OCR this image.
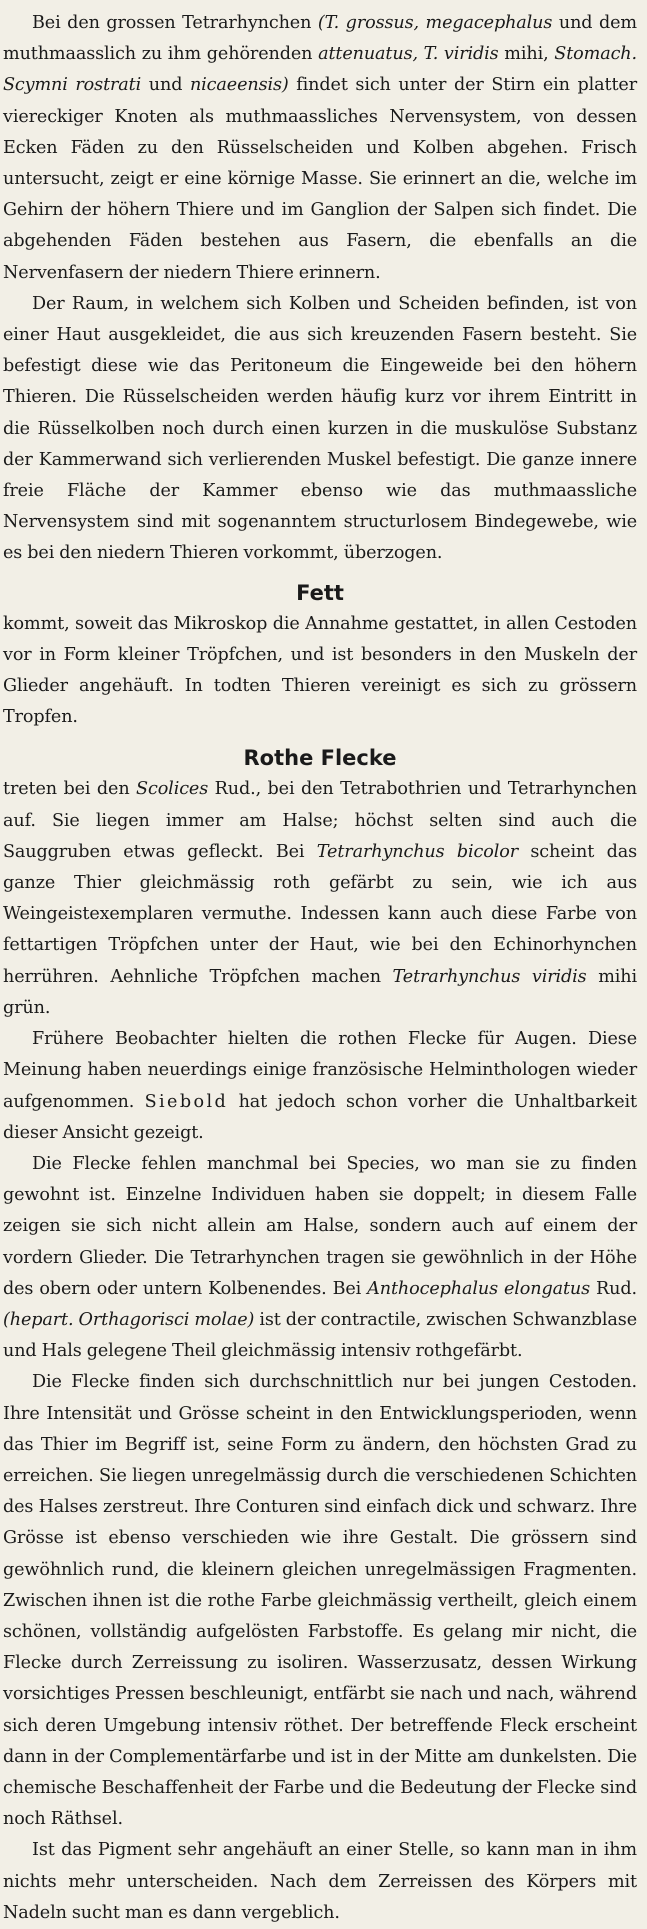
Bei den grossen Tetrarhynchen (T. grossus, megacephalus und dem muthmaasslich zu ihm gehörenden attenuatus, T. viridis mihi, Stomach. Scymni rostrati und nicaeensis) findet sich unter der Stirn ein platter viereckiger Knoten als muthmaassliches Nervensystem, von dessen Ecken Fäden zu den Rüsselscheiden und Kolben abgehen. Frisch untersucht, zeigt er eine körnige Masse. Sie erinnert an die, welche im Gehirn der höhern Thiere und im Ganglion der Salpen sich findet. Die abgehenden Fäden bestehen aus Fasern, die ebenfalls an die Nervenfasern der niedern Thiere erinnern.

Der Raum, in welchem sich Kolben und Scheiden befinden, ist von einer Haut ausgekleidet, die aus sich kreuzenden Fasern besteht. Sie befestigt diese wie das Peritoneum die Eingeweide bei den höhern Thieren. Die Rüsselscheiden werden häufig kurz vor ihrem Eintritt in die Rüsselkolben noch durch einen kurzen in die muskulöse Substanz der Kammerwand sich verlierenden Muskel befestigt. Die ganze innere freie Fläche der Kammer ebenso wie das muthmaassliche Nervensystem sind mit sogenanntem structurlosem Bindegewebe, wie es bei den niedern Thieren vorkommt, überzogen.

Fett

kommt, soweit das Mikroskop die Annahme gestattet, in allen Cestoden vor in Form kleiner Tröpfchen, und ist besonders in den Muskeln der Glieder angehäuft. In todten Thieren vereinigt es sich zu grössern Tropfen.

Rothe Flecke

treten bei den Scolices Rud., bei den Tetrabothrien und Tetrarhynchen auf. Sie liegen immer am Halse; höchst selten sind auch die Sauggruben etwas gefleckt. Bei Tetrarhynchus bicolor scheint das ganze Thier gleichmässig roth gefärbt zu sein, wie ich aus Weingeistexemplaren vermuthe. Indessen kann auch diese Farbe von fettartigen Tröpfchen unter der Haut, wie bei den Echinorhynchen herrühren. Aehnliche Tröpfchen machen Tetrarhynchus viridis mihi grün.

Frühere Beobachter hielten die rothen Flecke für Augen. Diese Meinung haben neuerdings einige französische Helminthologen wieder aufgenommen. Siebold hat jedoch schon vorher die Unhaltbarkeit dieser Ansicht gezeigt.

Die Flecke fehlen manchmal bei Species, wo man sie zu finden gewohnt ist. Einzelne Individuen haben sie doppelt; in diesem Falle zeigen sie sich nicht allein am Halse, sondern auch auf einem der vordern Glieder. Die Tetrarhynchen tragen sie gewöhnlich in der Höhe des obern oder untern Kolbenendes. Bei Anthocephalus elongatus Rud. (hepart. Orthagorisci molae) ist der contractile, zwischen Schwanzblase und Hals gelegene Theil gleichmässig intensiv rothgefärbt.

Die Flecke finden sich durchschnittlich nur bei jungen Cestoden. Ihre Intensität und Grösse scheint in den Entwicklungsperioden, wenn das Thier im Begriff ist, seine Form zu ändern, den höchsten Grad zu erreichen. Sie liegen unregelmässig durch die verschiedenen Schichten des Halses zerstreut. Ihre Conturen sind einfach dick und schwarz. Ihre Grösse ist ebenso verschieden wie ihre Gestalt. Die grössern sind gewöhnlich rund, die kleinern gleichen unregelmässigen Fragmenten. Zwischen ihnen ist die rothe Farbe gleichmässig vertheilt, gleich einem schönen, vollständig aufgelösten Farbstoffe. Es gelang mir nicht, die Flecke durch Zerreissung zu isoliren. Wasserzusatz, dessen Wirkung vorsichtiges Pressen beschleunigt, entfärbt sie nach und nach, während sich deren Umgebung intensiv röthet. Der betreffende Fleck erscheint dann in der Complementärfarbe und ist in der Mitte am dunkelsten. Die chemische Beschaffenheit der Farbe und die Bedeutung der Flecke sind noch Räthsel.

Ist das Pigment sehr angehäuft an einer Stelle, so kann man in ihm nichts mehr unterscheiden. Nach dem Zerreissen des Körpers mit Nadeln sucht man es dann vergeblich.
